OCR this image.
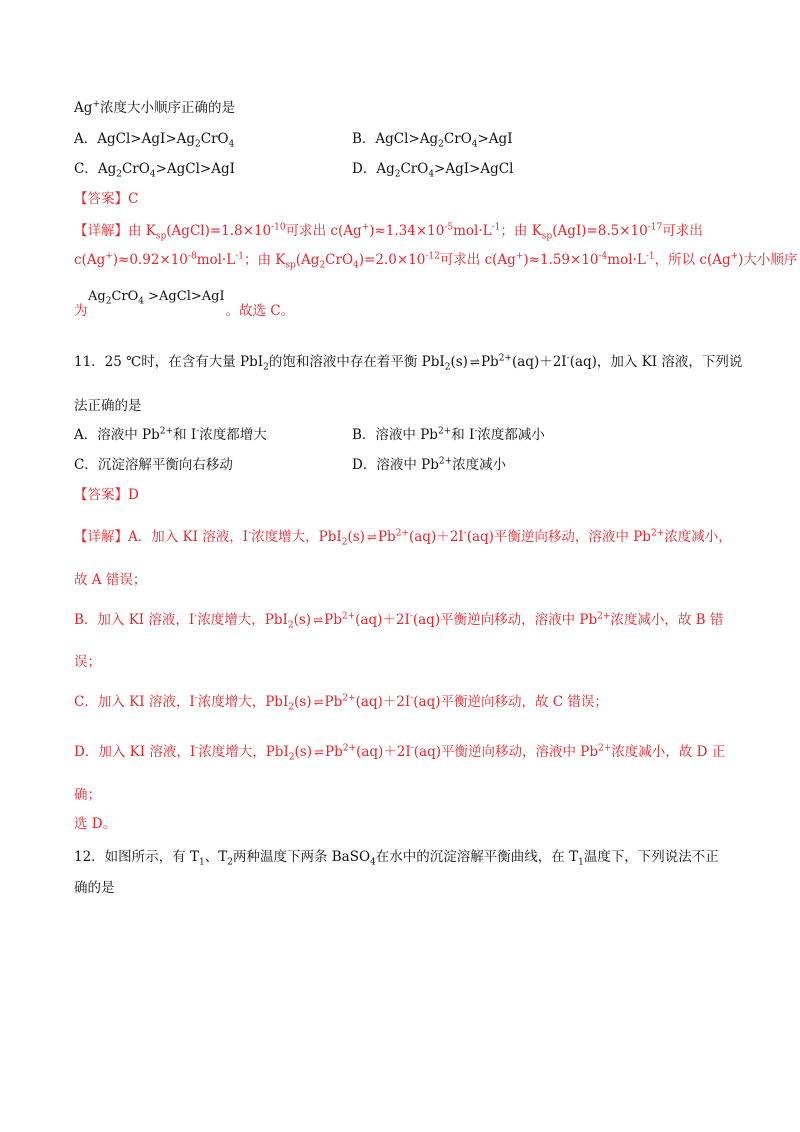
Ag+浓度大小顺序正确的是
A．$AgCl>AgI>Ag_2CrO_4$	B．$AgCl>Ag_2CrO_4>AgI$
C．$Ag_2CrO_4>AgCl>AgI$	D．$Ag_2CrO_4>AgI>AgCl$
【答案】C
【详解】由 $K_{sp}(AgCl)=1.8\times 10^{-10}$可求出 $c(Ag^+)\approx 1.34\times 10^{-5}mol\cdot L^{-1}$；由 $K_{sp}(AgI)=8.5\times 10^{-17}$可求出
$c(Ag^+)\approx 0.92\times 10^{-8}mol\cdot L^{-1}$；由 $K_{sp}(Ag_2CrO_4)=2.0\times 10^{-12}$可求出 $c(Ag^+)\approx 1.59\times 10^{-4}mol\cdot L^{-1}$，所以 c(Ag+)大小顺序
$Ag_2CrO_4$ >AgCl>AgI
为	。故选 C。
11．25 ℃时，在含有大量 PbI$_2$的饱和溶液中存在着平衡 PbI$_2$(s) ⇌ $Pb^{2+}(aq)+2I^-(aq)$，加入 KI 溶液，下列说
法正确的是
A．溶液中 $Pb^{2+}$和 I-浓度都增大	B．溶液中 $Pb^{2+}$和 I-浓度都减小
C．沉淀溶解平衡向右移动	D．溶液中 $Pb^{2+}$浓度减小
【答案】D
【详解】A．加入 KI 溶液，I-浓度增大，PbI$_2$(s) ⇌ $Pb^{2+}(aq)+2I^-(aq)$平衡逆向移动，溶液中 $Pb^{2+}$浓度减小，
故 A 错误；
B．加入 KI 溶液，I-浓度增大，PbI$_2$(s) ⇌ $Pb^{2+}(aq)+2I^-(aq)$平衡逆向移动，溶液中 $Pb^{2+}$浓度减小，故 B 错
误；
C．加入 KI 溶液，I-浓度增大，PbI$_2$(s) ⇌ $Pb^{2+}(aq)+2I^-(aq)$平衡逆向移动，故 C 错误；
D．加入 KI 溶液，I-浓度增大，PbI$_2$(s) ⇌ $Pb^{2+}(aq)+2I^-(aq)$平衡逆向移动，溶液中 $Pb^{2+}$浓度减小，故 D 正
确；
选 D。
12．如图所示，有 $T_1$、$T_2$两种温度下两条 BaSO$_4$在水中的沉淀溶解平衡曲线，在 $T_1$温度下，下列说法不正
确的是
